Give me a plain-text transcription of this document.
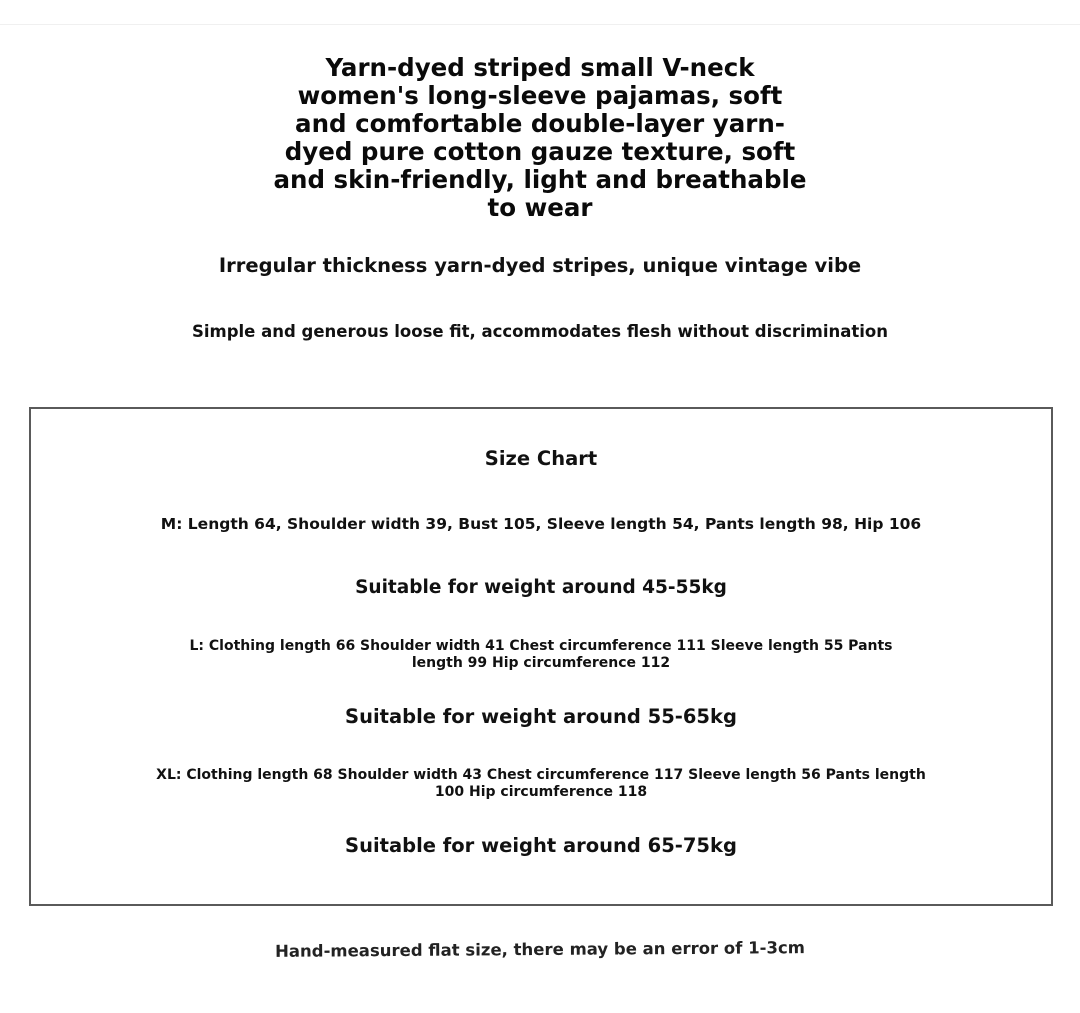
Yarn-dyed striped small V-neck women's long-sleeve pajamas, soft and comfortable double-layer yarn-dyed pure cotton gauze texture, soft and skin-friendly, light and breathable to wear
Irregular thickness yarn-dyed stripes, unique vintage vibe
Simple and generous loose fit, accommodates flesh without discrimination
Size Chart
M: Length 64, Shoulder width 39, Bust 105, Sleeve length 54, Pants length 98, Hip 106
Suitable for weight around 45-55kg
L: Clothing length 66 Shoulder width 41 Chest circumference 111 Sleeve length 55 Pants length 99 Hip circumference 112
Suitable for weight around 55-65kg
XL: Clothing length 68 Shoulder width 43 Chest circumference 117 Sleeve length 56 Pants length 100 Hip circumference 118
Suitable for weight around 65-75kg
Hand-measured flat size, there may be an error of 1-3cm
